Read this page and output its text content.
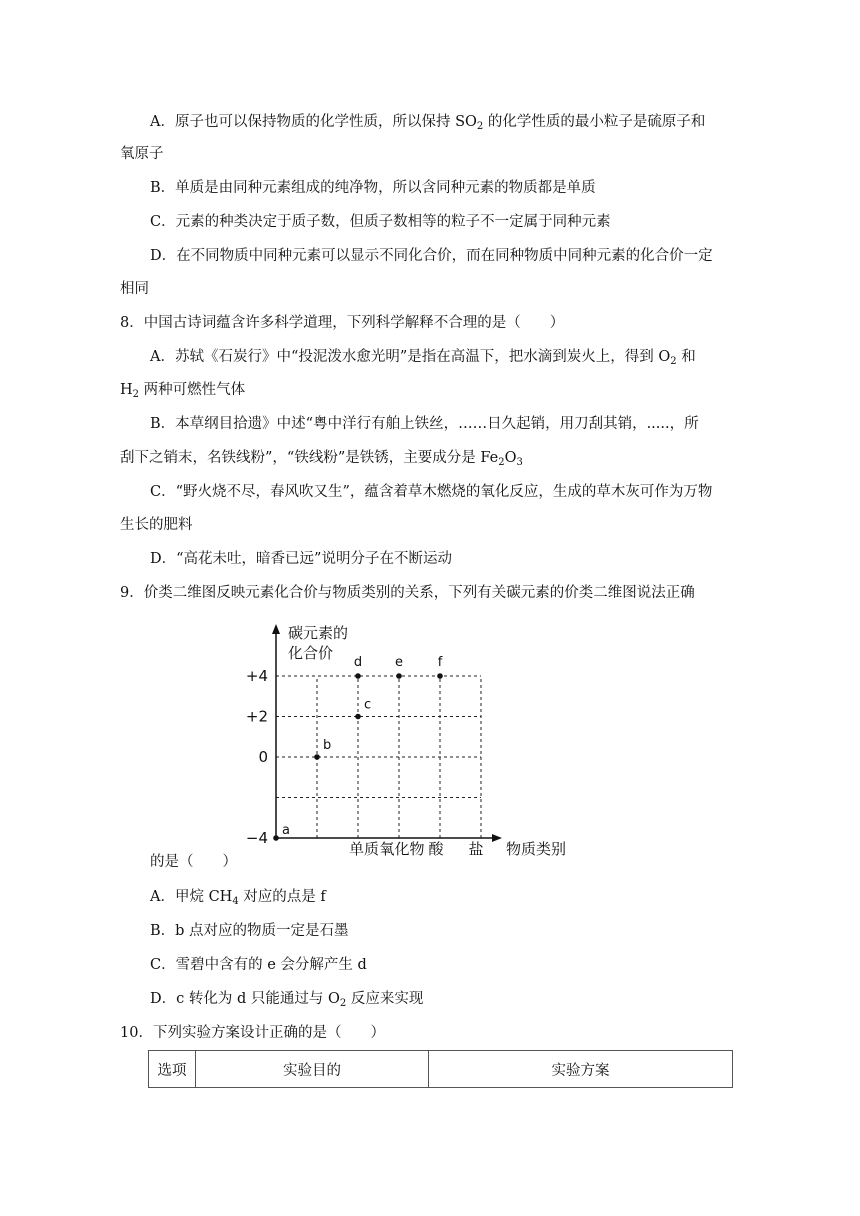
A．原子也可以保持物质的化学性质，所以保持 $SO_2$ 的化学性质的最小粒子是硫原子和
氧原子
B．单质是由同种元素组成的纯净物，所以含同种元素的物质都是单质
C．元素的种类决定于质子数，但质子数相等的粒子不一定属于同种元素
D．在不同物质中同种元素可以显示不同化合价，而在同种物质中同种元素的化合价一定
相同
8．中国古诗词蕴含许多科学道理，下列科学解释不合理的是（　　）
A．苏轼《石炭行》中“投泥泼水愈光明”是指在高温下，把水滴到炭火上，得到 $O_2$ 和
$H_2$ 两种可燃性气体
B．本草纲目拾遗》中述“粤中洋行有舶上铁丝，……日久起销，用刀刮其销，.....，所
刮下之销末，名铁线粉”，“铁线粉”是铁锈，主要成分是 $Fe_2O_3$
C．“野火烧不尽，春风吹又生”，蕴含着草木燃烧的氧化反应，生成的草木灰可作为万物
生长的肥料
D．“高花未吐，暗香已远”说明分子在不断运动
9．价类二维图反映元素化合价与物质类别的关系，下列有关碳元素的价类二维图说法正确
+4
+2
0
−4
单质 氧化物 酸 盐
a
b
c
d	e	f
碳元素的
化合价
物质类别
的是（　　）
A．甲烷 $CH_4$ 对应的点是 f
B．b 点对应的物质一定是石墨
C．雪碧中含有的 e 会分解产生 d
D．c 转化为 d 只能通过与 $O_2$ 反应来实现
10．下列实验方案设计正确的是（　　）
选项	实验目的	实验方案
